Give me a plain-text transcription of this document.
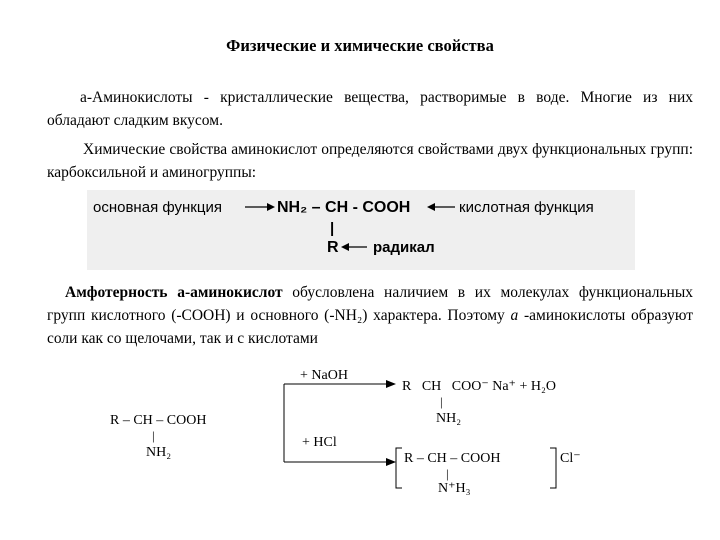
Физические и химические свойства

а-Аминокислоты - кристаллические вещества, растворимые в воде. Многие из них обладают сладким вкусом.

Химические свойства аминокислот определяются свойствами двух функциональных групп: карбоксильной и аминогруппы:

основная функция	NH₂ – CH - COOH	кислотная функция
|
R радикал

Амфотерность а-аминокислот обусловлена наличием в их молекулах функциональных групп кислотного (-COOH) и основного (-NH₂) характера. Поэтому а -аминокислоты образуют соли как со щелочами, так и с кислотами

R – CH – COOH
|
NH₂
+ NaOH
+ HCl
R   CH   COO⁻ Na⁺ + H₂O
|
NH₂
R – CH – COOH	Cl⁻
|
N⁺H₃
